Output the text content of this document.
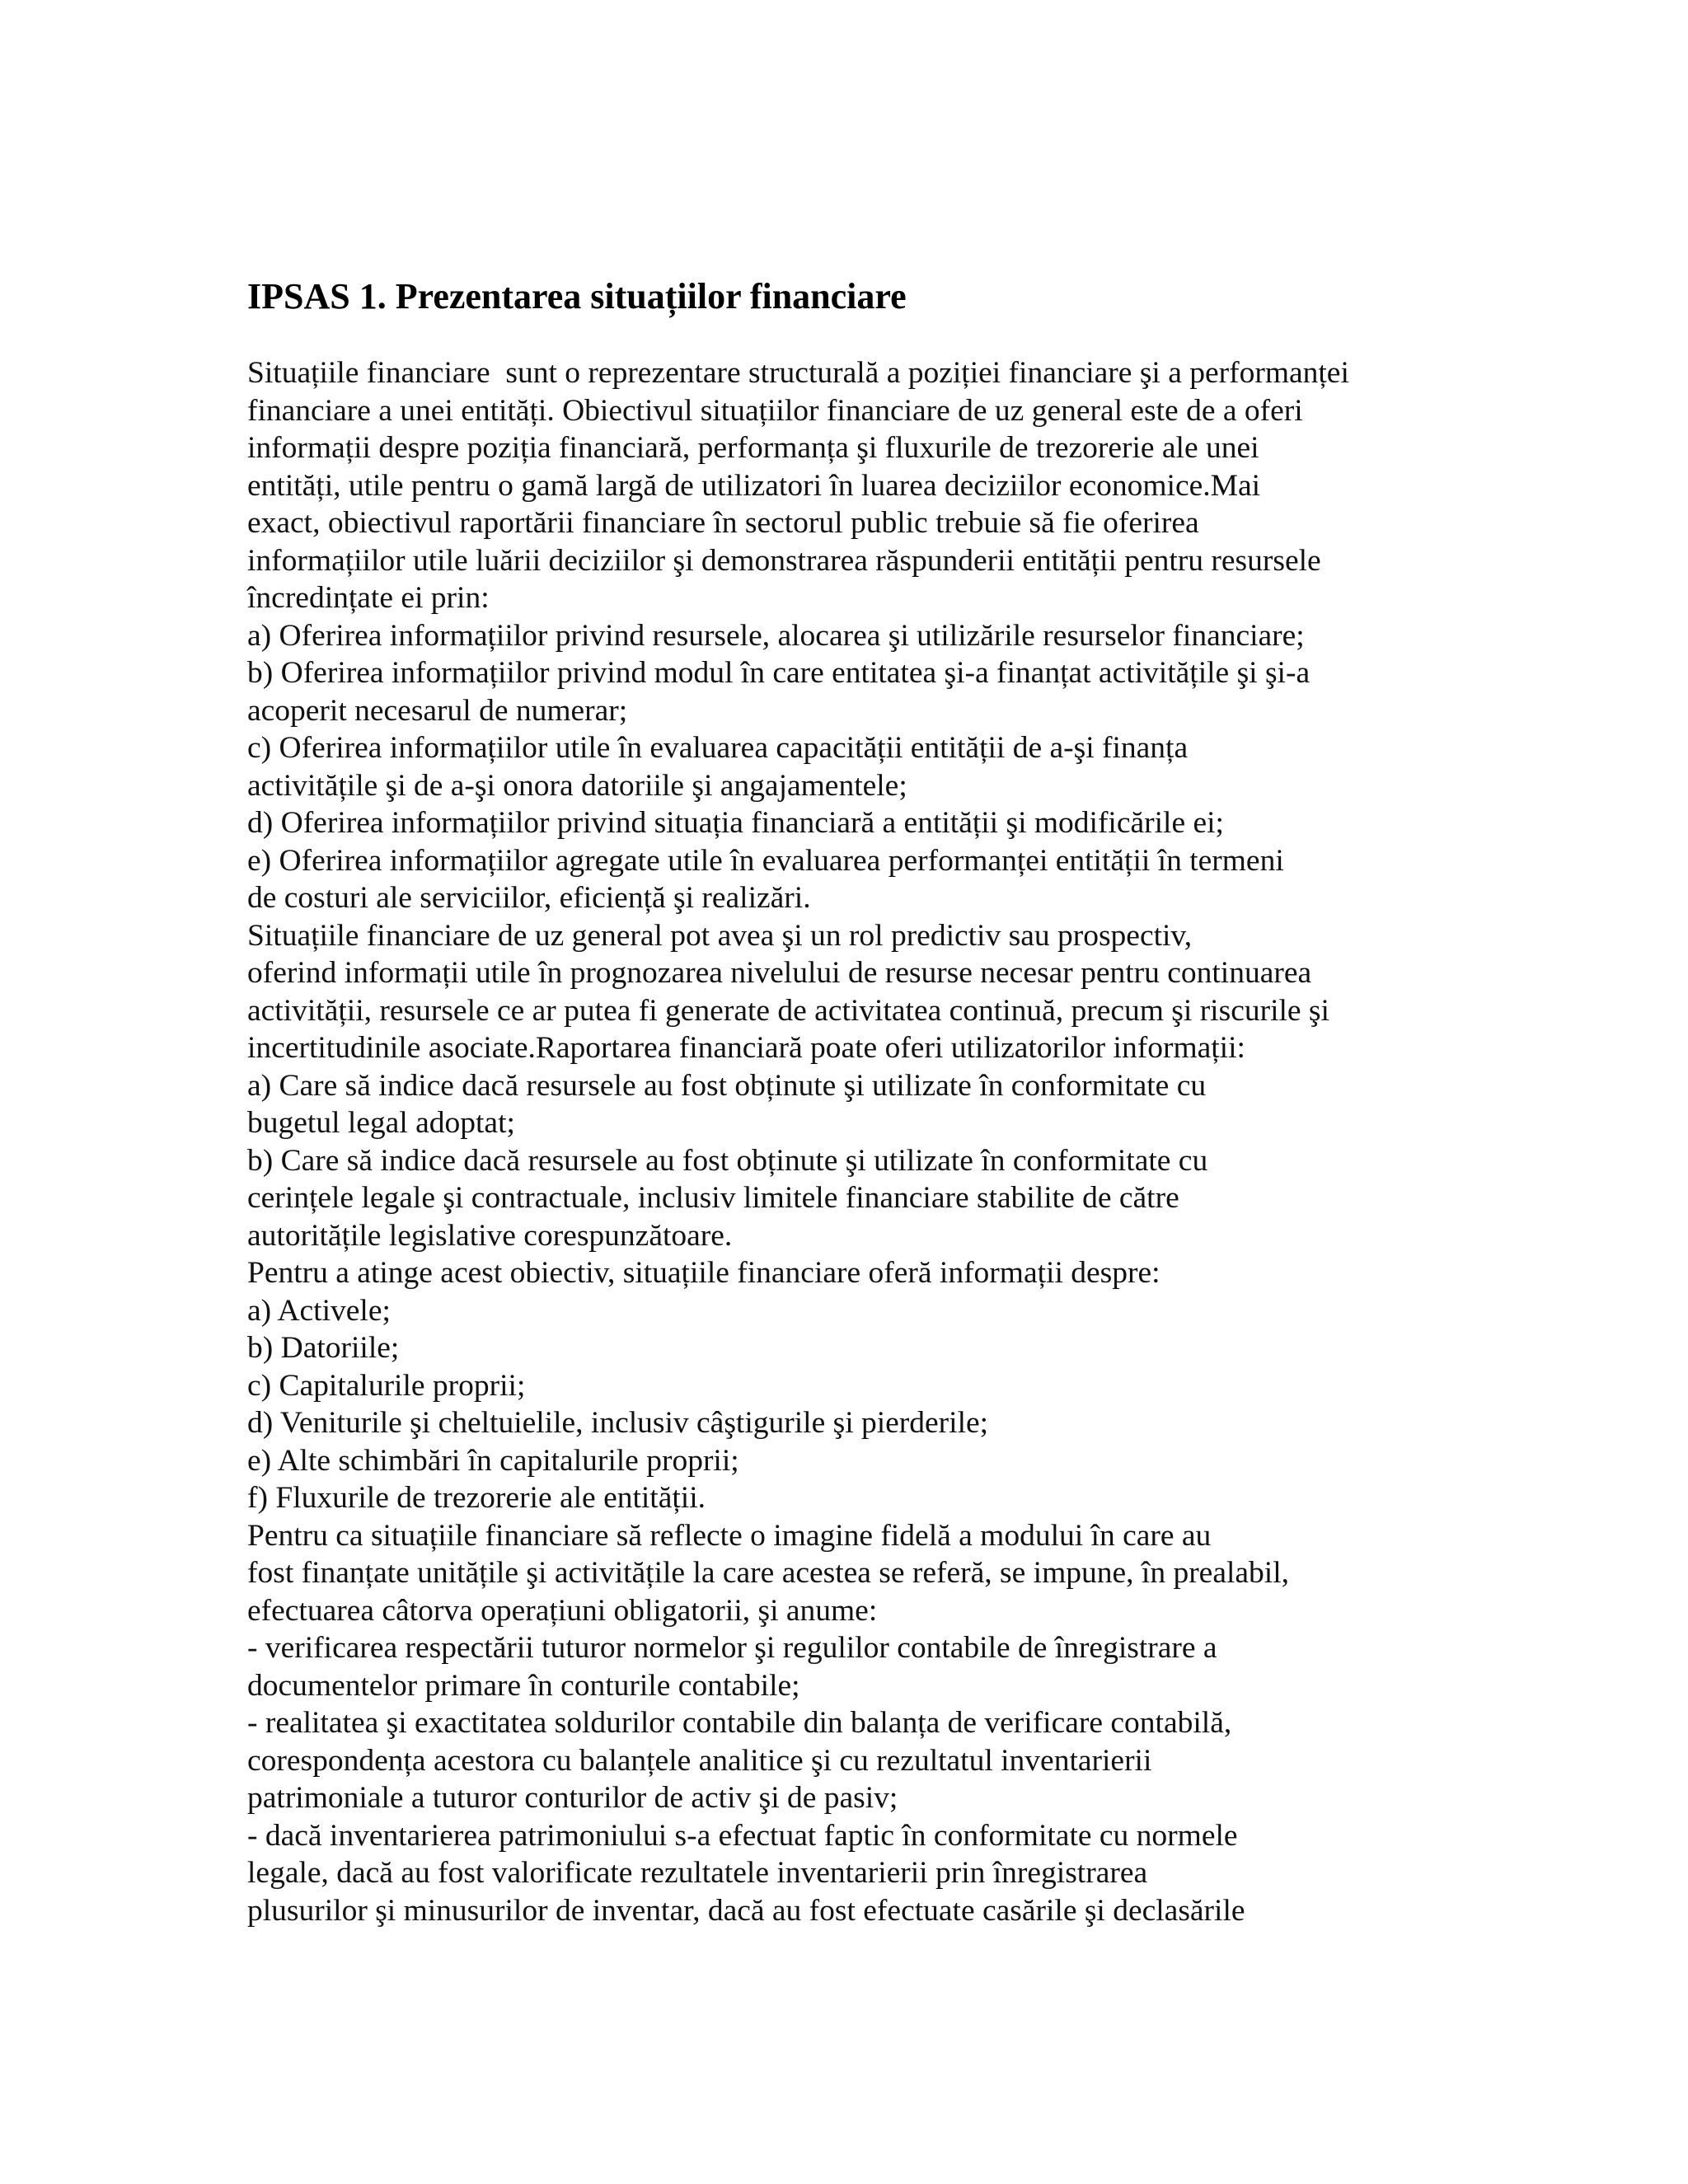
IPSAS 1. Prezentarea situațiilor financiare
Situațiile financiare  sunt o reprezentare structurală a poziției financiare şi a performanței
financiare a unei entități. Obiectivul situațiilor financiare de uz general este de a oferi
informații despre poziția financiară, performanța şi fluxurile de trezorerie ale unei
entități, utile pentru o gamă largă de utilizatori în luarea deciziilor economice.Mai
exact, obiectivul raportării financiare în sectorul public trebuie să fie oferirea
informațiilor utile luării deciziilor şi demonstrarea răspunderii entității pentru resursele
încredințate ei prin:
a) Oferirea informațiilor privind resursele, alocarea şi utilizările resurselor financiare;
b) Oferirea informațiilor privind modul în care entitatea şi-a finanțat activitățile şi şi-a
acoperit necesarul de numerar;
c) Oferirea informațiilor utile în evaluarea capacității entității de a-şi finanța
activitățile şi de a-şi onora datoriile şi angajamentele;
d) Oferirea informațiilor privind situația financiară a entității şi modificările ei;
e) Oferirea informațiilor agregate utile în evaluarea performanței entității în termeni
de costuri ale serviciilor, eficiență şi realizări.
Situațiile financiare de uz general pot avea şi un rol predictiv sau prospectiv,
oferind informații utile în prognozarea nivelului de resurse necesar pentru continuarea
activității, resursele ce ar putea fi generate de activitatea continuă, precum şi riscurile şi
incertitudinile asociate.Raportarea financiară poate oferi utilizatorilor informații:
a) Care să indice dacă resursele au fost obținute şi utilizate în conformitate cu
bugetul legal adoptat;
b) Care să indice dacă resursele au fost obținute şi utilizate în conformitate cu
cerințele legale şi contractuale, inclusiv limitele financiare stabilite de către
autoritățile legislative corespunzătoare.
Pentru a atinge acest obiectiv, situațiile financiare oferă informații despre:
a) Activele;
b) Datoriile;
c) Capitalurile proprii;
d) Veniturile şi cheltuielile, inclusiv câştigurile şi pierderile;
e) Alte schimbări în capitalurile proprii;
f) Fluxurile de trezorerie ale entității.
Pentru ca situațiile financiare să reflecte o imagine fidelă a modului în care au
fost finanțate unitățile şi activitățile la care acestea se referă, se impune, în prealabil,
efectuarea câtorva operațiuni obligatorii, şi anume:
- verificarea respectării tuturor normelor şi regulilor contabile de înregistrare a
documentelor primare în conturile contabile;
- realitatea şi exactitatea soldurilor contabile din balanța de verificare contabilă,
corespondența acestora cu balanțele analitice şi cu rezultatul inventarierii
patrimoniale a tuturor conturilor de activ şi de pasiv;
- dacă inventarierea patrimoniului s-a efectuat faptic în conformitate cu normele
legale, dacă au fost valorificate rezultatele inventarierii prin înregistrarea
plusurilor şi minusurilor de inventar, dacă au fost efectuate casările şi declasările
